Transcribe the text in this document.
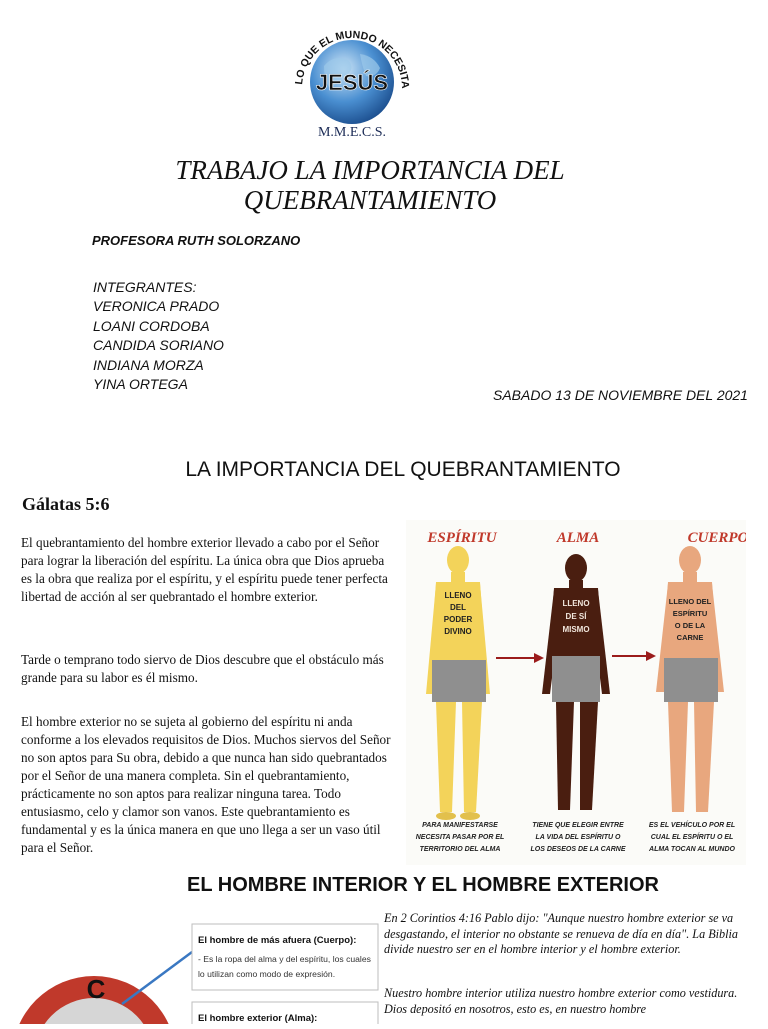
LO QUE EL MUNDO NECESITA
JESÚS
M.M.E.C.S.
TRABAJO LA IMPORTANCIA DEL
QUEBRANTAMIENTO
PROFESORA RUTH SOLORZANO
INTEGRANTES:
VERONICA PRADO
LOANI CORDOBA
CANDIDA SORIANO
INDIANA MORZA
YINA ORTEGA
SABADO 13 DE NOVIEMBRE DEL 2021
LA IMPORTANCIA DEL QUEBRANTAMIENTO
Gálatas 5:6
El quebrantamiento del hombre exterior llevado a cabo por el Señor para lograr la liberación del espíritu. La única obra que Dios aprueba es la obra que realiza por el espíritu, y el espíritu puede tener perfecta libertad de acción al ser quebrantado el hombre exterior.
Tarde o temprano todo siervo de Dios descubre que el obstáculo más grande para su labor es él mismo.
El hombre exterior no se sujeta al gobierno del espíritu ni anda conforme a los elevados requisitos de Dios. Muchos siervos del Señor no son aptos para Su obra, debido a que nunca han sido quebrantados por el Señor de una manera completa. Sin el quebrantamiento, prácticamente no son aptos para realizar ninguna tarea. Todo entusiasmo, celo y clamor son vanos. Este quebrantamiento es fundamental y es la única manera en que uno llega a ser un vaso útil para el Señor.
ESPÍRITU	ALMA	CUERPO
LLENO
DEL
PODER
DIVINO
LLENO
DE SÍ
MISMO
LLENO DEL
ESPÍRITU
O DE LA
CARNE
PARA MANIFESTARSE
NECESITA PASAR POR EL
TERRITORIO DEL ALMA
TIENE QUE ELEGIR ENTRE
LA VIDA DEL ESPÍRITU O
LOS DESEOS DE LA CARNE
ES EL VEHÍCULO POR EL
CUAL EL ESPÍRITU O EL
ALMA TOCAN AL MUNDO
EL HOMBRE INTERIOR Y EL HOMBRE EXTERIOR
C
El hombre de más afuera (Cuerpo):
- Es la ropa del alma y del espíritu, los cuales
lo utilizan como modo de expresión.
El hombre exterior (Alma):
En 2 Corintios 4:16 Pablo dijo: "Aunque nuestro hombre exterior se va desgastando, el interior no obstante se renueva de día en día". La Biblia divide nuestro ser en el hombre interior y el hombre exterior.
Nuestro hombre interior utiliza nuestro hombre exterior como vestidura. Dios depositó en nosotros, esto es, en nuestro hombre
